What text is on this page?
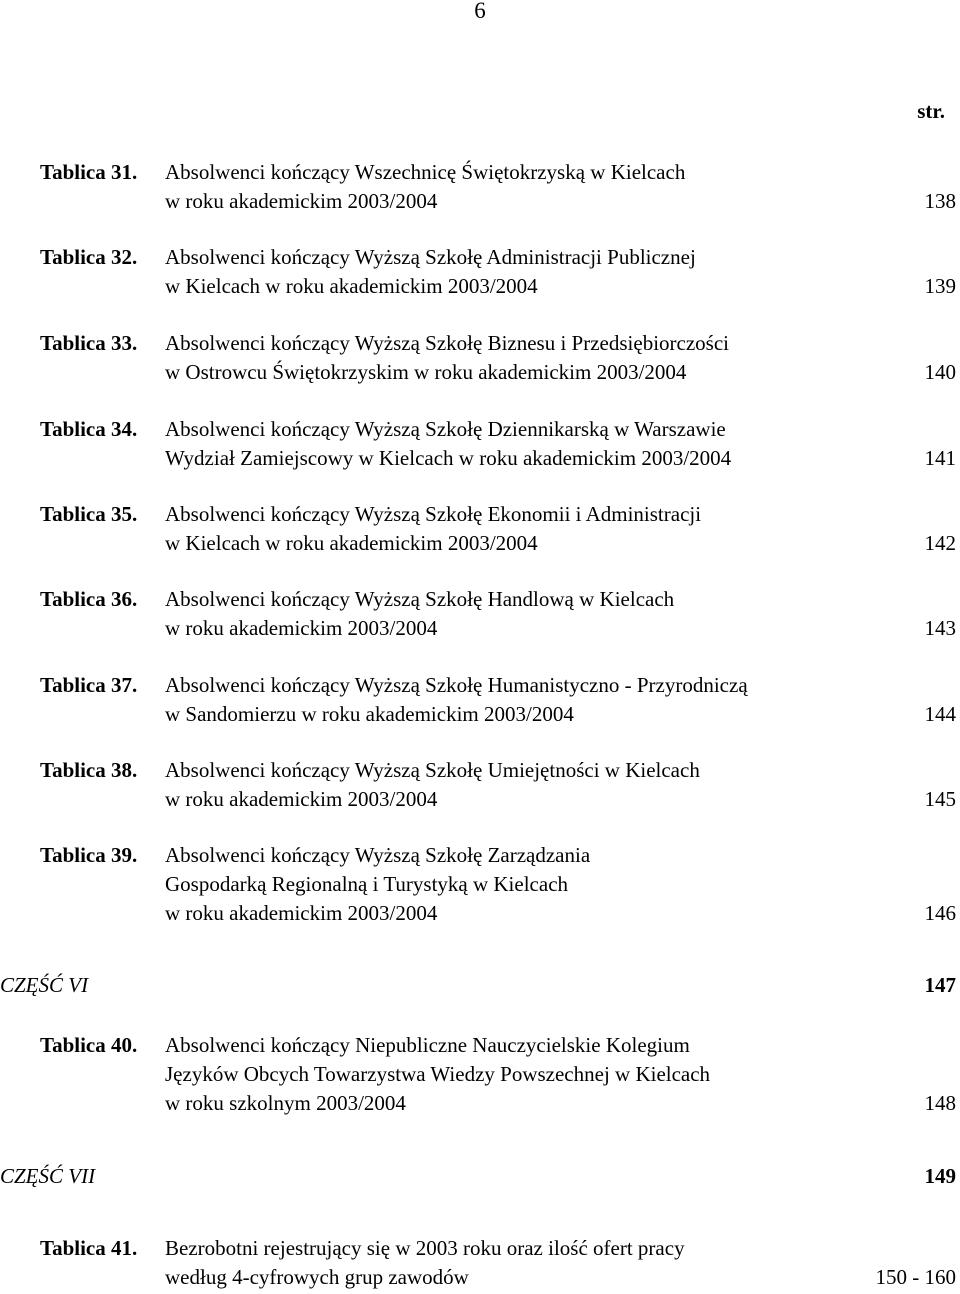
6
str.
Tablica 31. Absolwenci kończący Wszechnicę Świętokrzyską w Kielcach
w roku akademickim 2003/2004	138
Tablica 32. Absolwenci kończący Wyższą Szkołę Administracji Publicznej
w Kielcach w roku akademickim 2003/2004	139
Tablica 33. Absolwenci kończący Wyższą Szkołę Biznesu i Przedsiębiorczości
w Ostrowcu Świętokrzyskim w roku akademickim 2003/2004	140
Tablica 34. Absolwenci kończący Wyższą Szkołę Dziennikarską w Warszawie
Wydział Zamiejscowy w Kielcach w roku akademickim 2003/2004	141
Tablica 35. Absolwenci kończący Wyższą Szkołę Ekonomii i Administracji
w Kielcach w roku akademickim 2003/2004	142
Tablica 36. Absolwenci kończący Wyższą Szkołę Handlową w Kielcach
w roku akademickim 2003/2004	143
Tablica 37. Absolwenci kończący Wyższą Szkołę Humanistyczno - Przyrodniczą
w Sandomierzu w roku akademickim 2003/2004	144
Tablica 38. Absolwenci kończący Wyższą Szkołę Umiejętności w Kielcach
w roku akademickim 2003/2004	145
Tablica 39. Absolwenci kończący Wyższą Szkołę Zarządzania
Gospodarką Regionalną i Turystyką w Kielcach
w roku akademickim 2003/2004	146
CZĘŚĆ VI	147
Tablica 40. Absolwenci kończący Niepubliczne Nauczycielskie Kolegium
Języków Obcych Towarzystwa Wiedzy Powszechnej w Kielcach
w roku szkolnym 2003/2004	148
CZĘŚĆ VII	149
Tablica 41. Bezrobotni rejestrujący się w 2003 roku oraz ilość ofert pracy
według 4-cyfrowych grup zawodów	150 - 160
